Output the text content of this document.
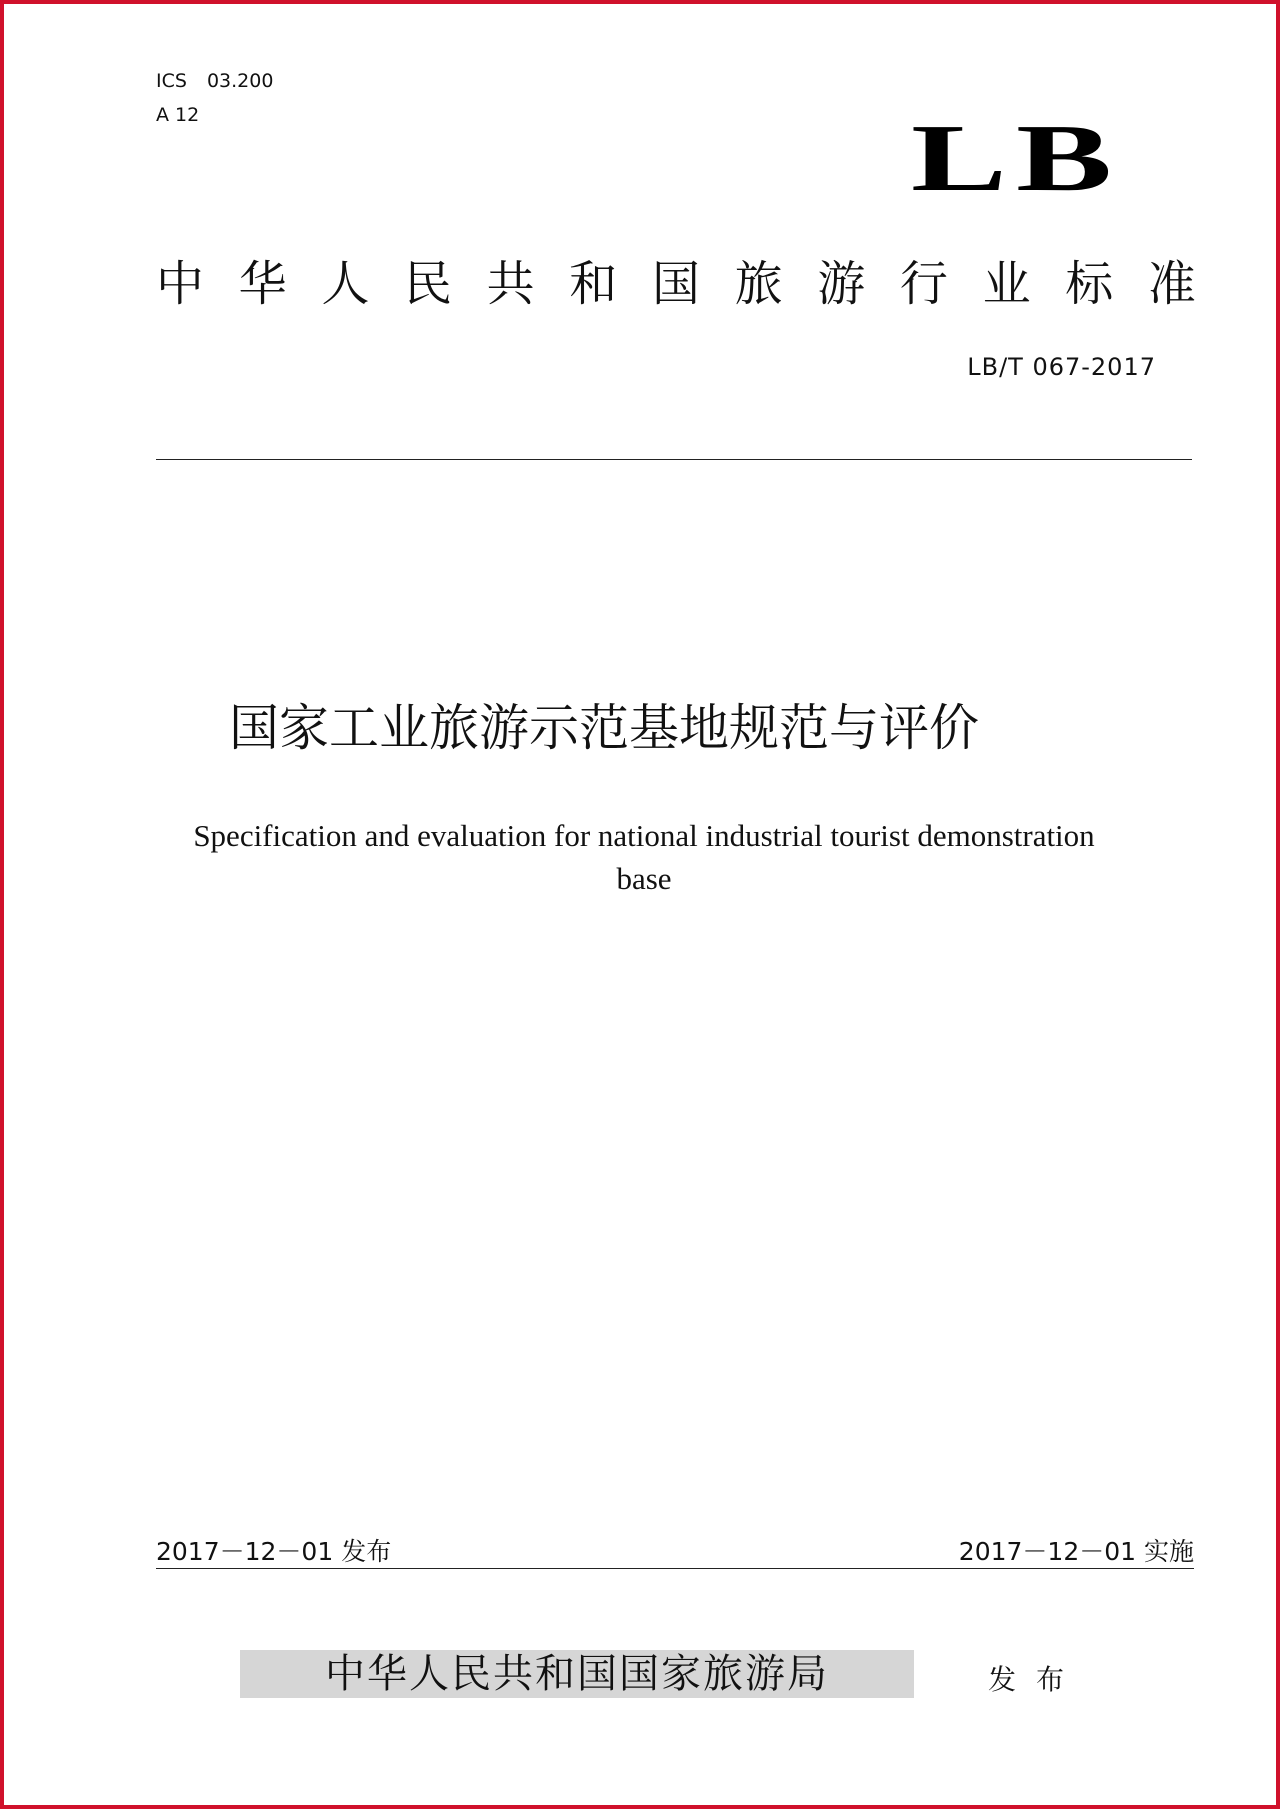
ICS 03.200
A 12	LB
中 华 人 民 共 和 国 旅 游 行 业 标 准
LB/T 067-2017
国家工业旅游示范基地规范与评价
Specification and evaluation for national industrial tourist demonstration
base
2017－12－01 发布	2017－12－01 实施
中华人民共和国国家旅游局	发布
